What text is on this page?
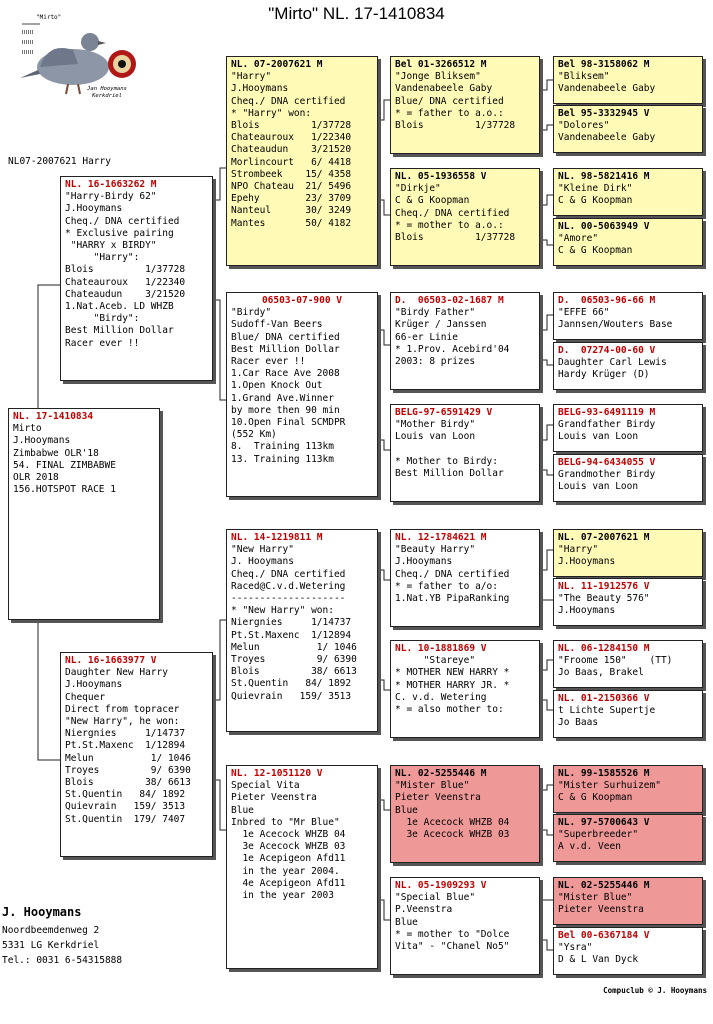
"Mirto" NL. 17-1410834
"Mirto"
Jan Hooymans Kerkdriel
NL07-2007621 Harry
NL. 17-1410834
Mirto
J.Hooymans
Zimbabwe OLR'18
54. FINAL ZIMBABWE
OLR 2018
156.HOTSPOT RACE 1
NL. 16-1663262 M
"Harry-Birdy 62"
J.Hooymans
Cheq./ DNA certified
* Exclusive pairing
"HARRY x BIRDY"
"Harry":
Blois         1/37728
Chateauroux   1/22340
Chateaudun    3/21520
1.Nat.Aceb. LD WHZB
"Birdy":
Best Million Dollar
Racer ever !!
NL. 16-1663977 V
Daughter New Harry
J.Hooymans
Chequer
Direct from topracer
"New Harry", he won:
Niergnies     1/14737
Pt.St.Maxenc  1/12894
Melun          1/ 1046
Troyes         9/ 6390
Blois         38/ 6613
St.Quentin   84/ 1892
Quievrain   159/ 3513
St.Quentin  179/ 7407
NL. 07-2007621 M
"Harry"
J.Hooymans
Cheq./ DNA certified
* "Harry" won:
Blois         1/37728
Chateauroux   1/22340
Chateaudun    3/21520
Morlincourt   6/ 4418
Strombeek    15/ 4358
NPO Chateau  21/ 5496
Epehy        23/ 3709
Nanteul      30/ 3249
Mantes       50/ 4182
06503-07-900 V
"Birdy"
Sudoff-Van Beers
Blue/ DNA certified
Best Million Dollar
Racer ever !!
1.Car Race Ave 2008
1.Open Knock Out
1.Grand Ave.Winner
by more then 90 min
10.Open Final SCMDPR
(552 Km)
8.  Training 113km
13. Training 113km
NL. 14-1219811 M
"New Harry"
J. Hooymans
Cheq./ DNA certified
Raced@C.v.d.Wetering
--------------------
* "New Harry" won:
Niergnies     1/14737
Pt.St.Maxenc  1/12894
Melun          1/ 1046
Troyes         9/ 6390
Blois         38/ 6613
St.Quentin   84/ 1892
Quievrain   159/ 3513
NL. 12-1051120 V
Special Vita
Pieter Veenstra
Blue
Inbred to "Mr Blue"
1e Acecock WHZB 04
3e Acecock WHZB 03
1e Acepigeon Afd11
in the year 2004.
4e Acepigeon Afd11
in the year 2003
Bel 01-3266512 M
"Jonge Bliksem"
Vandenabeele Gaby
Blue/ DNA certified
* = father to a.o.:
Blois         1/37728
NL. 05-1936558 V
"Dirkje"
C & G Koopman
Cheq./ DNA certified
* = mother to a.o.:
Blois         1/37728
D.  06503-02-1687 M
"Birdy Father"
Krüger / Janssen
66-er Linie
* 1.Prov. Acebird'04
2003: 8 prizes
BELG-97-6591429 V
"Mother Birdy"
Louis van Loon

* Mother to Birdy:
Best Million Dollar
NL. 12-1784621 M
"Beauty Harry"
J.Hooymans
Cheq./ DNA certified
* = father to a/o:
1.Nat.YB PipaRanking
NL. 10-1881869 V
"Stareye"
* MOTHER NEW HARRY *
* MOTHER HARRY JR. *
C. v.d. Wetering
* = also mother to:
NL. 02-5255446 M
"Mister Blue"
Pieter Veenstra
Blue
1e Acecock WHZB 04
3e Acecock WHZB 03
NL. 05-1909293 V
"Special Blue"
P.Veenstra
Blue
* = mother to "Dolce
Vita" - "Chanel No5"
Bel 98-3158062 M
"Bliksem"
Vandenabeele Gaby
Bel 95-3332945 V
"Dolores"
Vandenabeele Gaby
NL. 98-5821416 M
"Kleine Dirk"
C & G Koopman
NL. 00-5063949 V
"Amore"
C & G Koopman
D.  06503-96-66 M
"EFFE 66"
Jannsen/Wouters Base
D.  07274-00-60 V
Daughter Carl Lewis
Hardy Krüger (D)
BELG-93-6491119 M
Grandfather Birdy
Louis van Loon
BELG-94-6434055 V
Grandmother Birdy
Louis van Loon
NL. 07-2007621 M
"Harry"
J.Hooymans
NL. 11-1912576 V
"The Beauty 576"
J.Hooymans
NL. 06-1284150 M
"Froome 150"    (TT)
Jo Baas, Brakel
NL. 01-2150366 V
t Lichte Supertje
Jo Baas
NL. 99-1585526 M
"Mister Surhuizem"
C & G Koopman
NL. 97-5700643 V
"Superbreeder"
A v.d. Veen
NL. 02-5255446 M
"Mister Blue"
Pieter Veenstra
Bel 00-6367184 V
"Ysra"
D & L Van Dyck
J. Hooymans
Noordbeemdenweg 2
5331 LG Kerkdriel
Tel.: 0031 6-54315888
Compuclub © J. Hooymans
